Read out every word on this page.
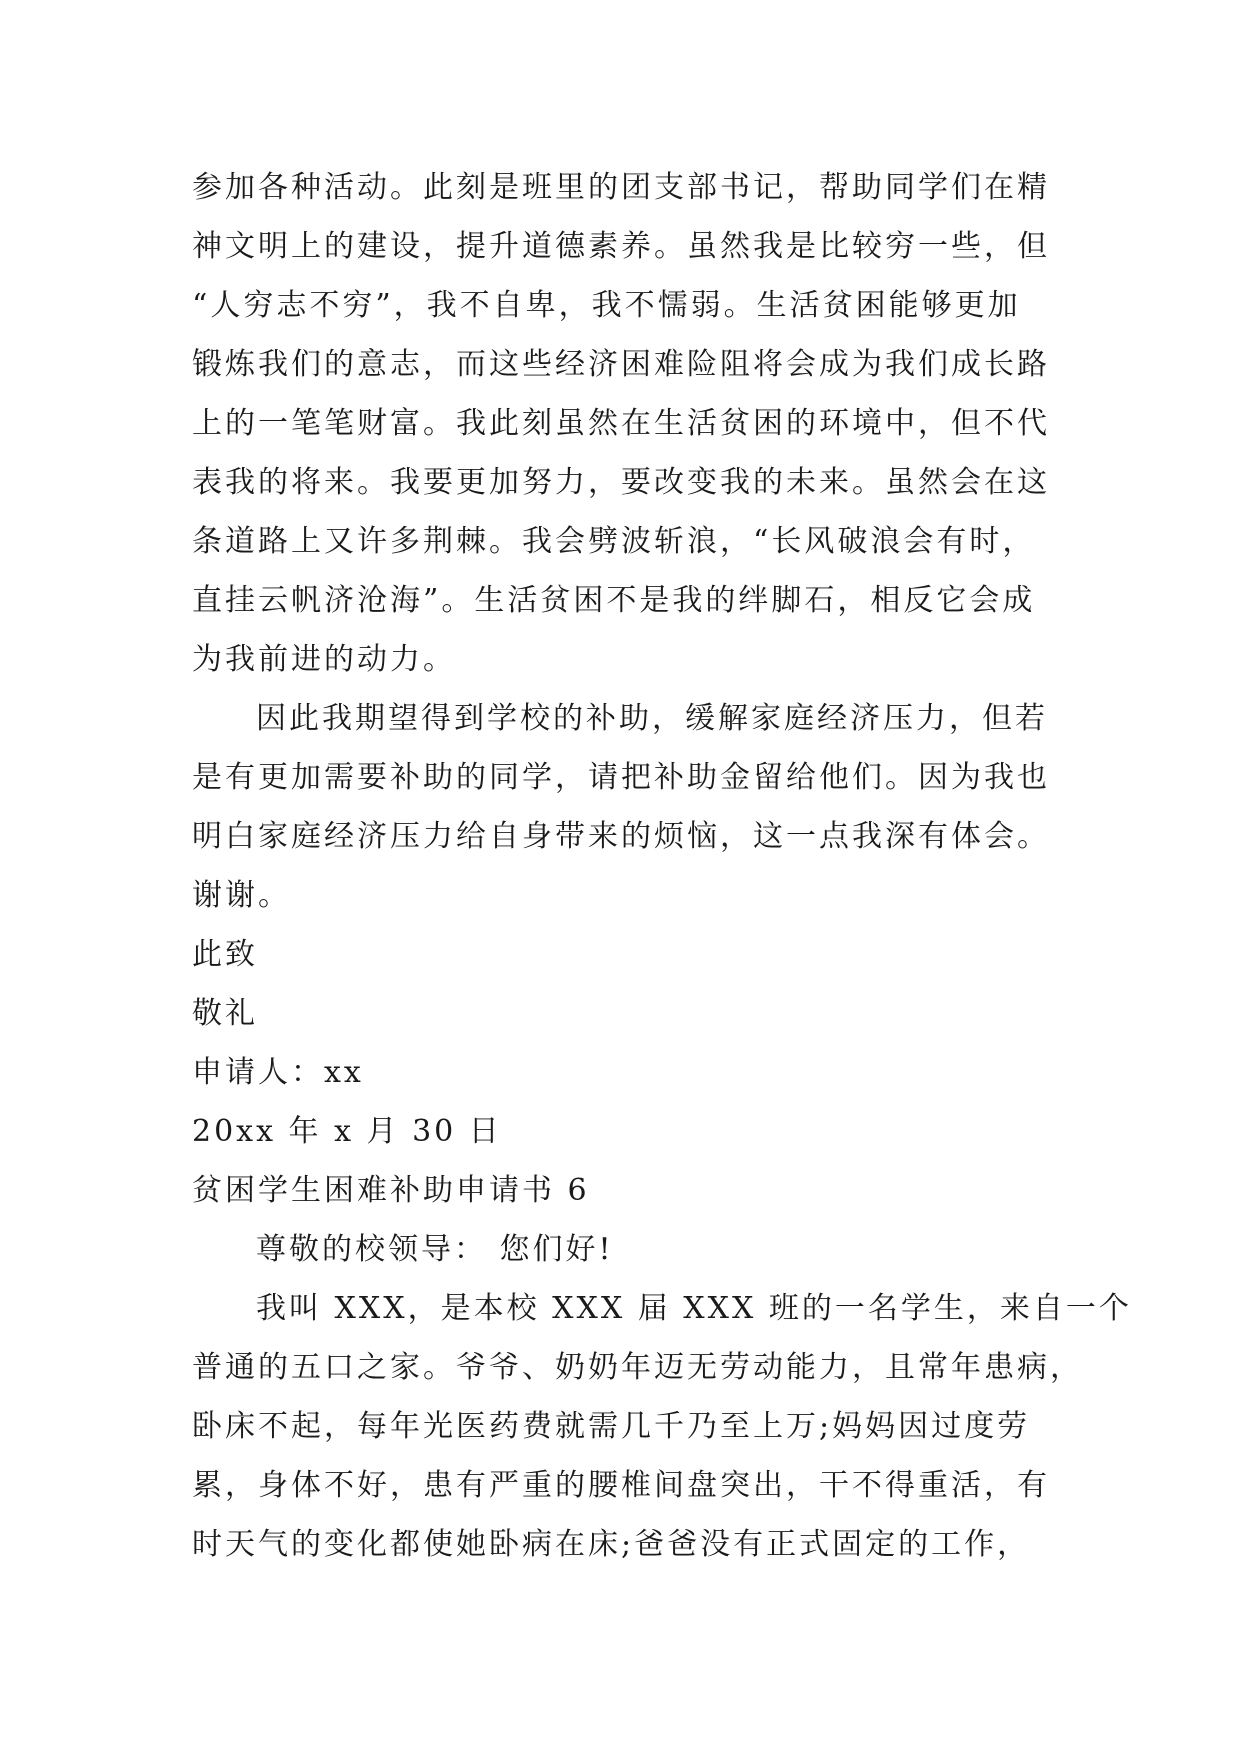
参加各种活动。此刻是班里的团支部书记，帮助同学们在精
神文明上的建设，提升道德素养。虽然我是比较穷一些，但
“人穷志不穷”，我不自卑，我不懦弱。生活贫困能够更加
锻炼我们的意志，而这些经济困难险阻将会成为我们成长路
上的一笔笔财富。我此刻虽然在生活贫困的环境中，但不代
表我的将来。我要更加努力，要改变我的未来。虽然会在这
条道路上又许多荆棘。我会劈波斩浪，“长风破浪会有时，
直挂云帆济沧海”。生活贫困不是我的绊脚石，相反它会成
为我前进的动力。
因此我期望得到学校的补助，缓解家庭经济压力，但若
是有更加需要补助的同学，请把补助金留给他们。因为我也
明白家庭经济压力给自身带来的烦恼，这一点我深有体会。
谢谢。
此致
敬礼
申请人：xx
20xx 年 x 月 30 日
贫困学生困难补助申请书 6
尊敬的校领导： 您们好!
我叫 XXX，是本校 XXX 届 XXX 班的一名学生，来自一个
普通的五口之家。爷爷、奶奶年迈无劳动能力，且常年患病，
卧床不起，每年光医药费就需几千乃至上万;妈妈因过度劳
累，身体不好，患有严重的腰椎间盘突出，干不得重活，有
时天气的变化都使她卧病在床;爸爸没有正式固定的工作，
